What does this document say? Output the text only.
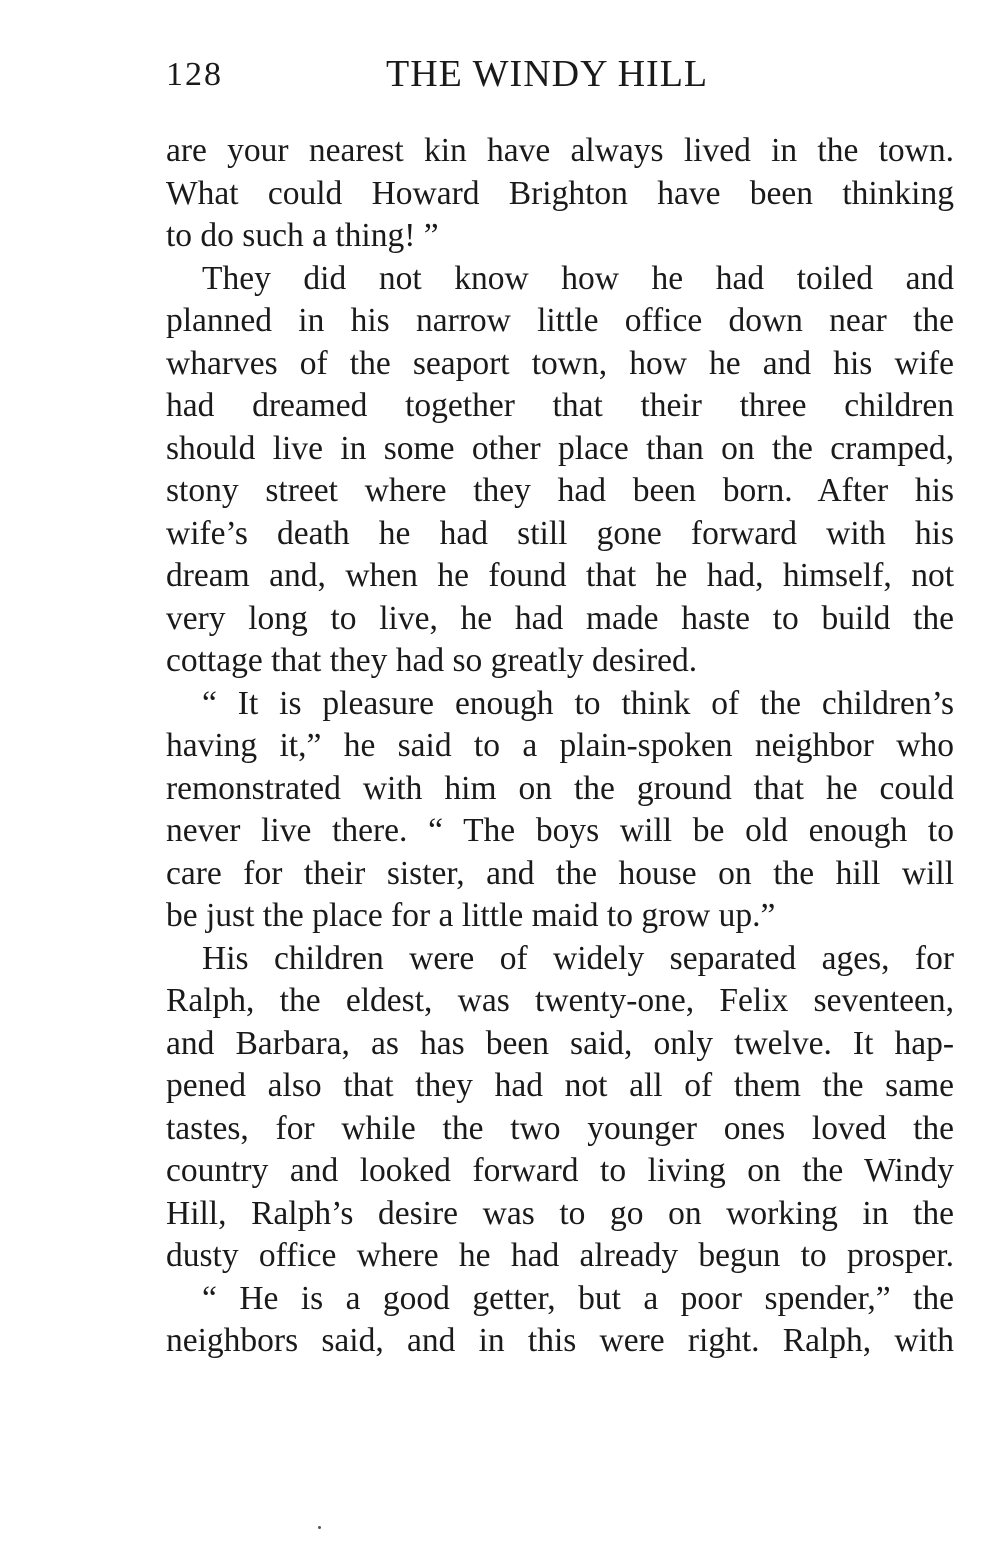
128	THE WINDY HILL
are your nearest kin have always lived in the town.
What could Howard Brighton have been thinking
to do such a thing! ”
They did not know how he had toiled and
planned in his narrow little office down near the
wharves of the seaport town, how he and his wife
had dreamed together that their three children
should live in some other place than on the cramped,
stony street where they had been born. After his
wife’s death he had still gone forward with his
dream and, when he found that he had, himself, not
very long to live, he had made haste to build the
cottage that they had so greatly desired.
“ It is pleasure enough to think of the children’s
having it,” he said to a plain-spoken neighbor who
remonstrated with him on the ground that he could
never live there. “ The boys will be old enough to
care for their sister, and the house on the hill will
be just the place for a little maid to grow up.”
His children were of widely separated ages, for
Ralph, the eldest, was twenty-one, Felix seventeen,
and Barbara, as has been said, only twelve. It hap-
pened also that they had not all of them the same
tastes, for while the two younger ones loved the
country and looked forward to living on the Windy
Hill, Ralph’s desire was to go on working in the
dusty office where he had already begun to prosper.
“ He is a good getter, but a poor spender,” the
neighbors said, and in this were right. Ralph, with
